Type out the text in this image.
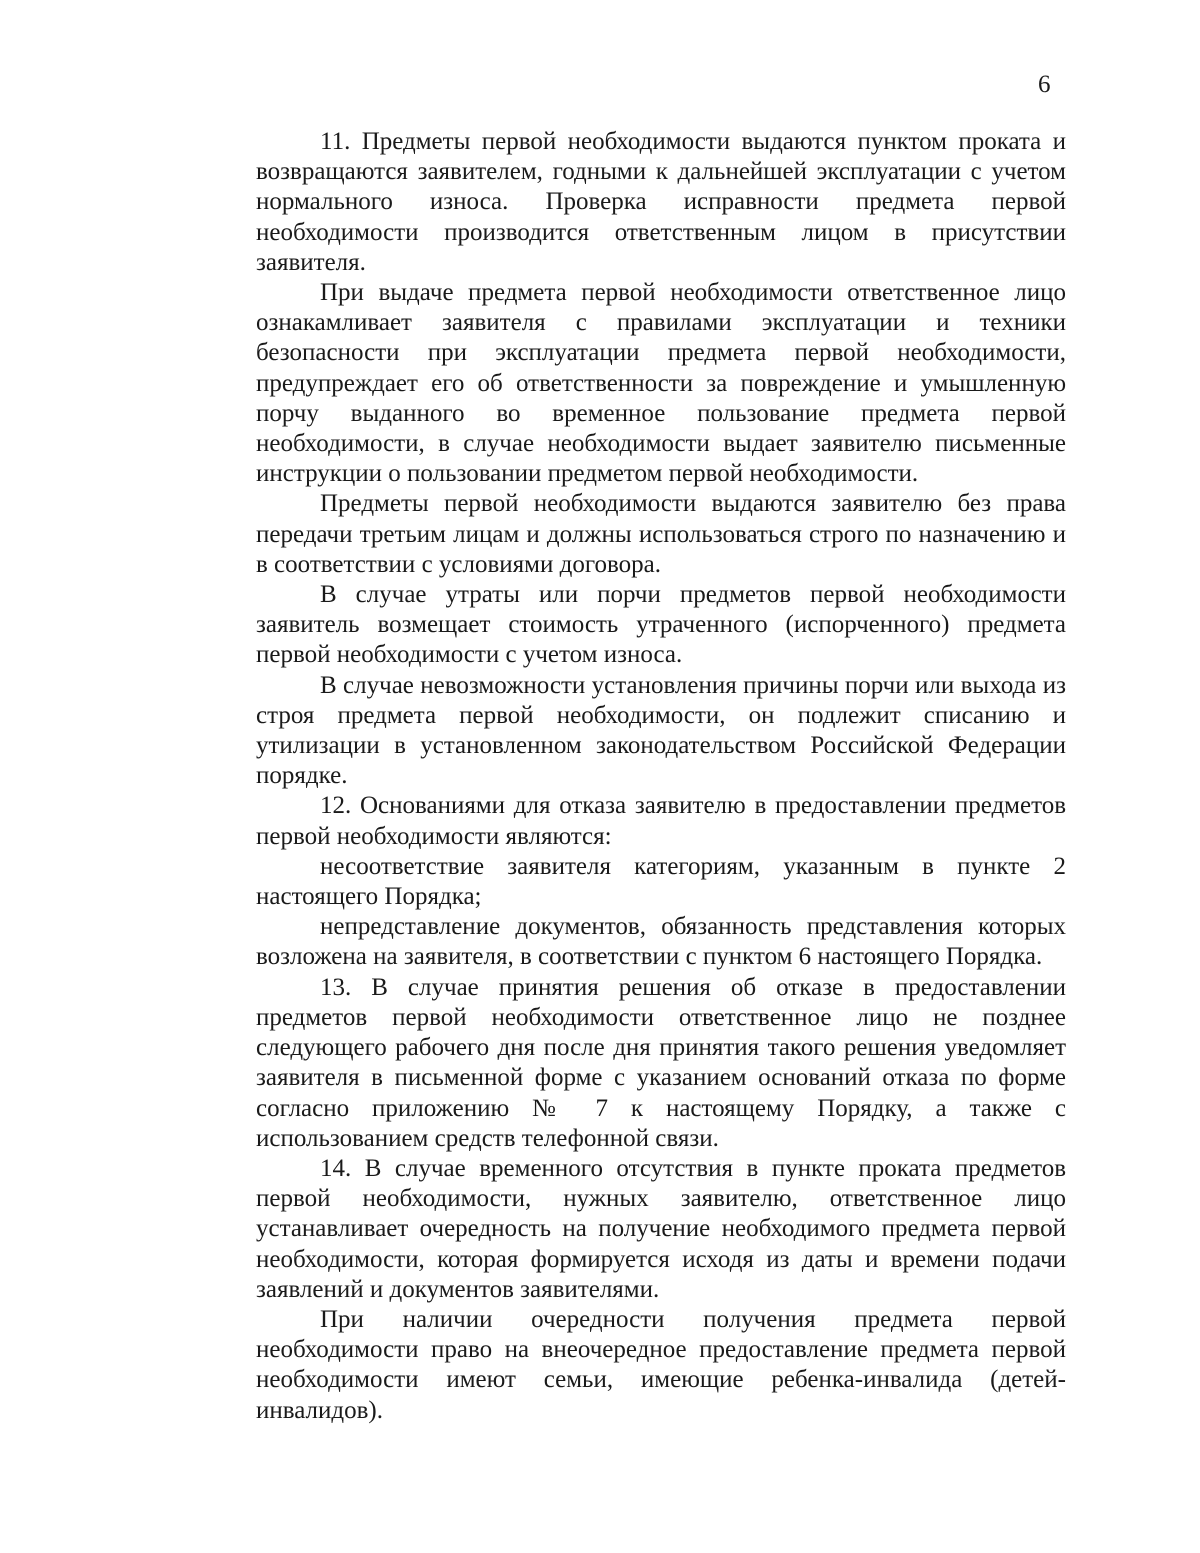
6

11. Предметы первой необходимости выдаются пунктом проката и возвращаются заявителем, годными к дальнейшей эксплуатации с учетом нормального износа. Проверка исправности предмета первой необходимости производится ответственным лицом в присутствии заявителя.

При выдаче предмета первой необходимости ответственное лицо ознакамливает заявителя с правилами эксплуатации и техники безопасности при эксплуатации предмета первой необходимости, предупреждает его об ответственности за повреждение и умышленную порчу выданного во временное пользование предмета первой необходимости, в случае необходимости выдает заявителю письменные инструкции о пользовании предметом первой необходимости.

Предметы первой необходимости выдаются заявителю без права передачи третьим лицам и должны использоваться строго по назначению и в соответствии с условиями договора.

В случае утраты или порчи предметов первой необходимости заявитель возмещает стоимость утраченного (испорченного) предмета первой необходимости с учетом износа.

В случае невозможности установления причины порчи или выхода из строя предмета первой необходимости, он подлежит списанию и утилизации в установленном законодательством Российской Федерации порядке.

12. Основаниями для отказа заявителю в предоставлении предметов первой необходимости являются:

несоответствие заявителя категориям, указанным в пункте 2 настоящего Порядка;

непредставление документов, обязанность представления которых возложена на заявителя, в соответствии с пунктом 6 настоящего Порядка.

13. В случае принятия решения об отказе в предоставлении предметов первой необходимости ответственное лицо не позднее следующего рабочего дня после дня принятия такого решения уведомляет заявителя в письменной форме с указанием оснований отказа по форме согласно приложению № 7 к настоящему Порядку, а также с использованием средств телефонной связи.

14. В случае временного отсутствия в пункте проката предметов первой необходимости, нужных заявителю, ответственное лицо устанавливает очередность на получение необходимого предмета первой необходимости, которая формируется исходя из даты и времени подачи заявлений и документов заявителями.

При наличии очередности получения предмета первой необходимости право на внеочередное предоставление предмета первой необходимости имеют семьи, имеющие ребенка-инвалида (детей-инвалидов).
